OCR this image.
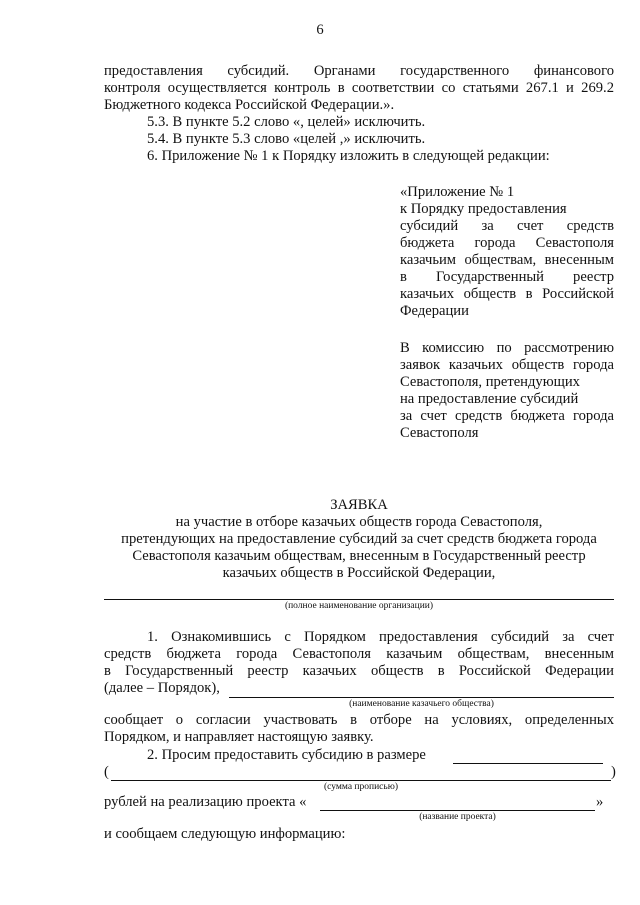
6
предоставления субсидий. Органами государственного финансового
контроля осуществляется контроль в соответствии со статьями 267.1 и 269.2
Бюджетного кодекса Российской Федерации.».
5.3. В пункте 5.2 слово «, целей» исключить.
5.4. В пункте 5.3 слово «целей ,» исключить.
6. Приложение № 1 к Порядку изложить в следующей редакции:
«Приложение № 1
к Порядку предоставления
субсидий за счет средств
бюджета города Севастополя
казачьим обществам, внесенным
в Государственный реестр
казачьих обществ в Российской
Федерации
В комиссию по рассмотрению
заявок казачьих обществ города
Севастополя, претендующих
на предоставление субсидий
за счет средств бюджета города
Севастополя
ЗАЯВКА
на участие в отборе казачьих обществ города Севастополя,
претендующих на предоставление субсидий за счет средств бюджета города
Севастополя казачьим обществам, внесенным в Государственный реестр
казачьих обществ в Российской Федерации,
(полное наименование организации)
1. Ознакомившись с Порядком предоставления субсидий за счет
средств бюджета города Севастополя казачьим обществам, внесенным
в Государственный реестр казачьих обществ в Российской Федерации
(далее – Порядок),
(наименование казачьего общества)
сообщает о согласии участвовать в отборе на условиях, определенных
Порядком, и направляет настоящую заявку.
2. Просим предоставить субсидию в размере
(	)
(сумма прописью)
рублей на реализацию проекта «	»
(название проекта)
и сообщаем следующую информацию:
